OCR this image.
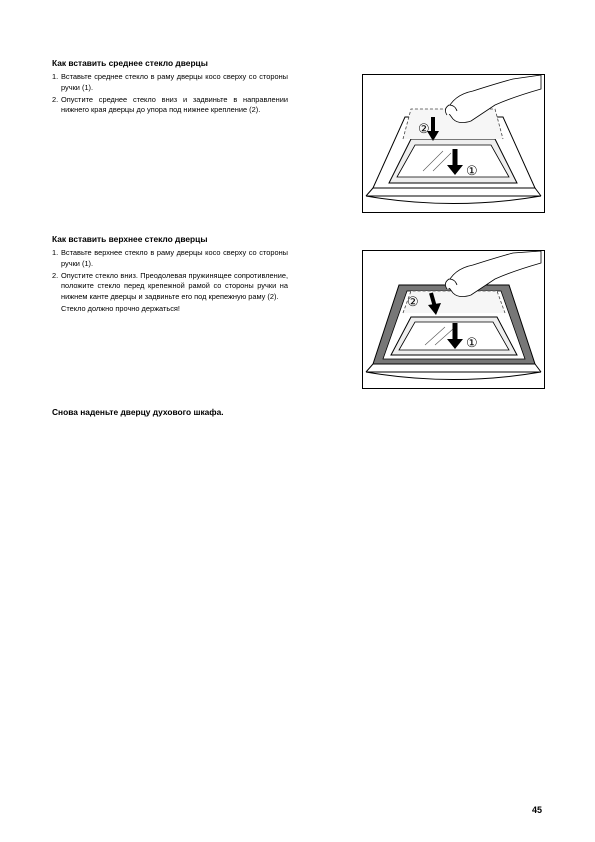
Как вставить среднее стекло дверцы
1. Вставьте среднее стекло в раму дверцы косо сверху со стороны ручки (1).
2. Опустите среднее стекло вниз и задвиньте в направлении нижнего края дверцы до упора под нижнее крепление (2).
②
①
Как вставить верхнее стекло дверцы
1. Вставьте верхнее стекло в раму дверцы косо сверху со стороны ручки (1).
2. Опустите стекло вниз. Преодолевая пружинящее сопротивление, положите стекло перед крепежной рамой со стороны ручки на нижнем канте дверцы и задвиньте его под крепежную раму (2).
Стекло должно прочно держаться!	②
①
Снова наденьте дверцу духового шкафа.
45
